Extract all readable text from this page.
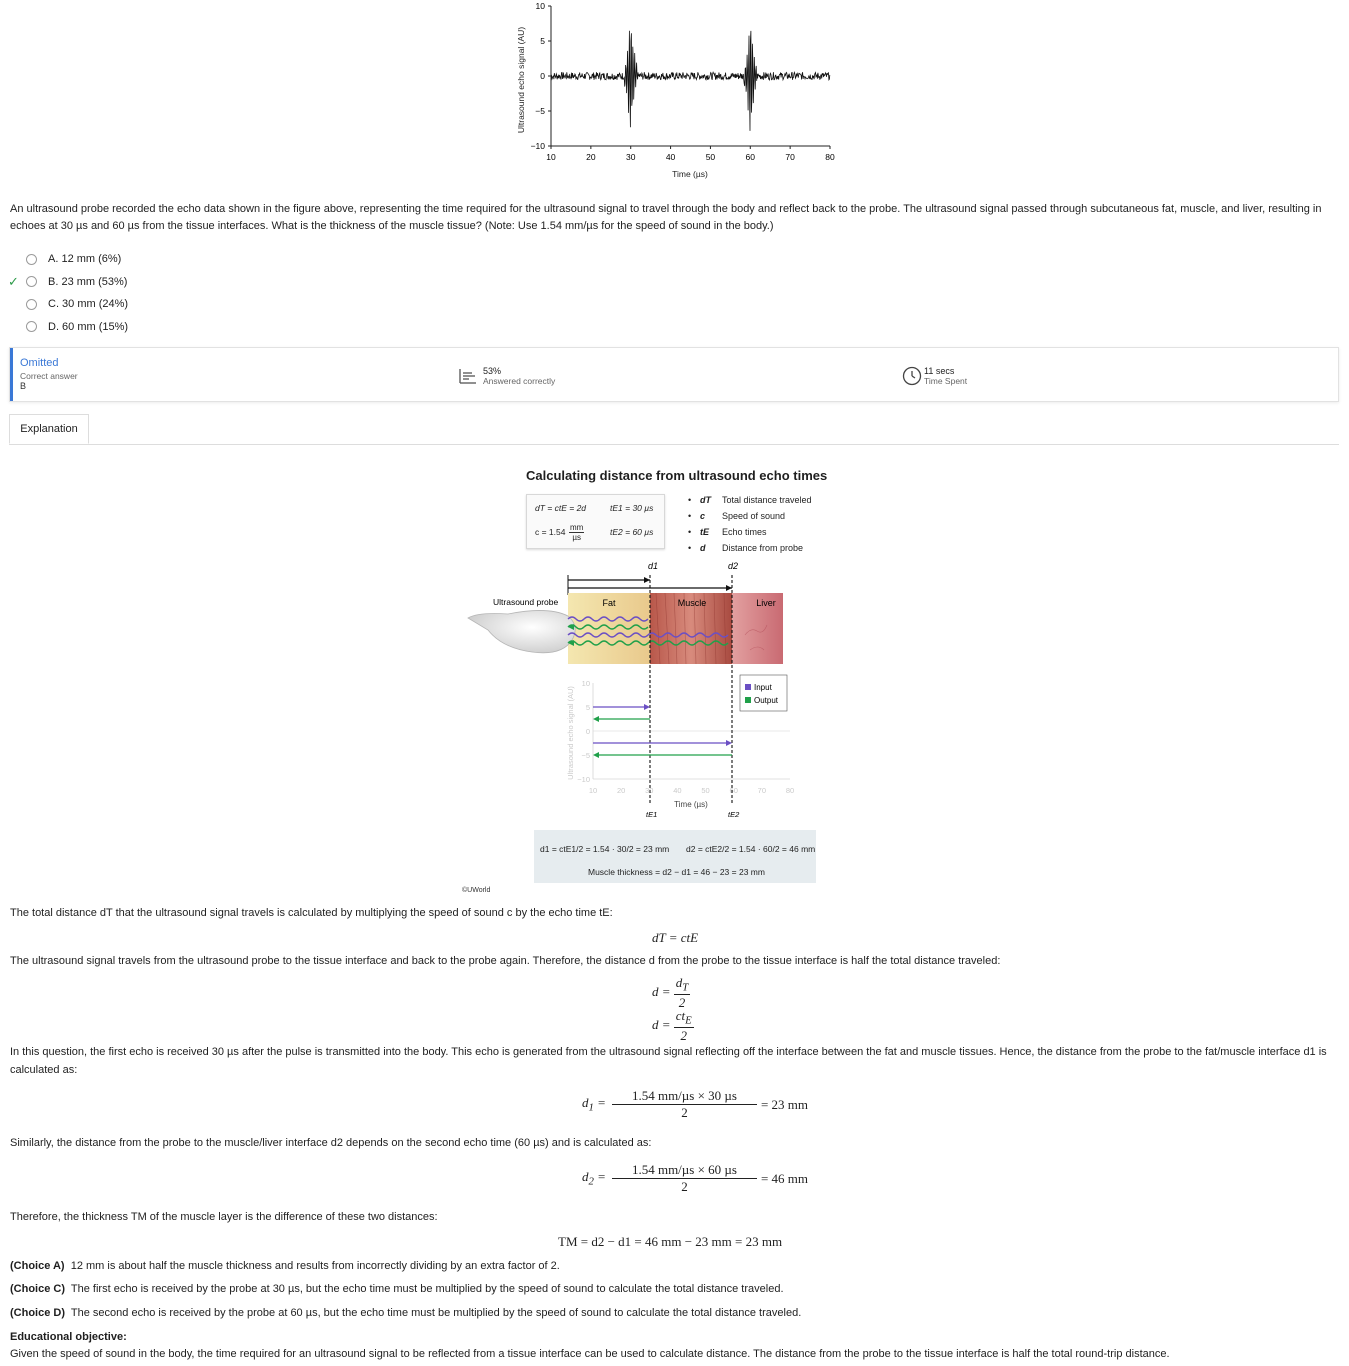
Ultrasound echo signal (AU)
10
5
0
−5
−10
10	20	30	40	50	60	70	80
Time (µs)
An ultrasound probe recorded the echo data shown in the figure above, representing the time required for the ultrasound signal to travel through the body and reflect back to the probe. The ultrasound signal passed through subcutaneous fat, muscle, and liver, resulting in echoes at 30 µs and 60 µs from the tissue interfaces. What is the thickness of the muscle tissue? (Note: Use 1.54 mm/µs for the speed of sound in the body.)
A. 12 mm (6%)
✓	B. 23 mm (53%)
C. 30 mm (24%)
D. 60 mm (15%)
Omitted
Correct answer
B
53%
Answered correctly
11 secs
Time Spent
Explanation
Calculating distance from ultrasound echo times
dT = ctE = 2d	tE1 = 30 µs
c = 1.54 mm
µs
tE2 = 60 µs
• dT	Total distance traveled
• c	Speed of sound
• tE	Echo times
• d	Distance from probe
d1	d2
Ultrasound probe	Fat	Muscle	Liver
Ultrasound echo signal (AU)
10
5
0
−5
−10
10	20	30	40	50	60	70	80
Time (µs)
Input
Output
tE1	tE2
d1 = ctE1/2 = 1.54 · 30/2 = 23 mm d2 = ctE2/2 = 1.54 · 60/2 = 46 mm
Muscle thickness = d2 − d1 = 46 − 23 = 23 mm
©UWorld
The total distance dT that the ultrasound signal travels is calculated by multiplying the speed of sound c by the echo time tE:
dT = ctE
The ultrasound signal travels from the ultrasound probe to the tissue interface and back to the probe again. Therefore, the distance d from the probe to the tissue interface is half the total distance traveled:
$d = \frac{d_T}{2}$
$d = \frac{ct_E}{2}$
In this question, the first echo is received 30 µs after the pulse is transmitted into the body. This echo is generated from the ultrasound signal reflecting off the interface between the fat and muscle tissues. Hence, the distance from the probe to the fat/muscle interface d1 is calculated as:
$d_1 = \frac{\text{1.54 mm/µs × 30 µs}}{2} = 23$ mm
Similarly, the distance from the probe to the muscle/liver interface d2 depends on the second echo time (60 µs) and is calculated as:
$d_2 = \frac{\text{1.54 mm/µs × 60 µs}}{2} = 46$ mm
Therefore, the thickness TM of the muscle layer is the difference of these two distances:
TM = d2 − d1 = 46 mm − 23 mm = 23 mm
(Choice A) 12 mm is about half the muscle thickness and results from incorrectly dividing by an extra factor of 2.
(Choice C) The first echo is received by the probe at 30 µs, but the echo time must be multiplied by the speed of sound to calculate the total distance traveled.
(Choice D) The second echo is received by the probe at 60 µs, but the echo time must be multiplied by the speed of sound to calculate the total distance traveled.
Educational objective:
Given the speed of sound in the body, the time required for an ultrasound signal to be reflected from a tissue interface can be used to calculate distance. The distance from the probe to the tissue interface is half the total round-trip distance.
